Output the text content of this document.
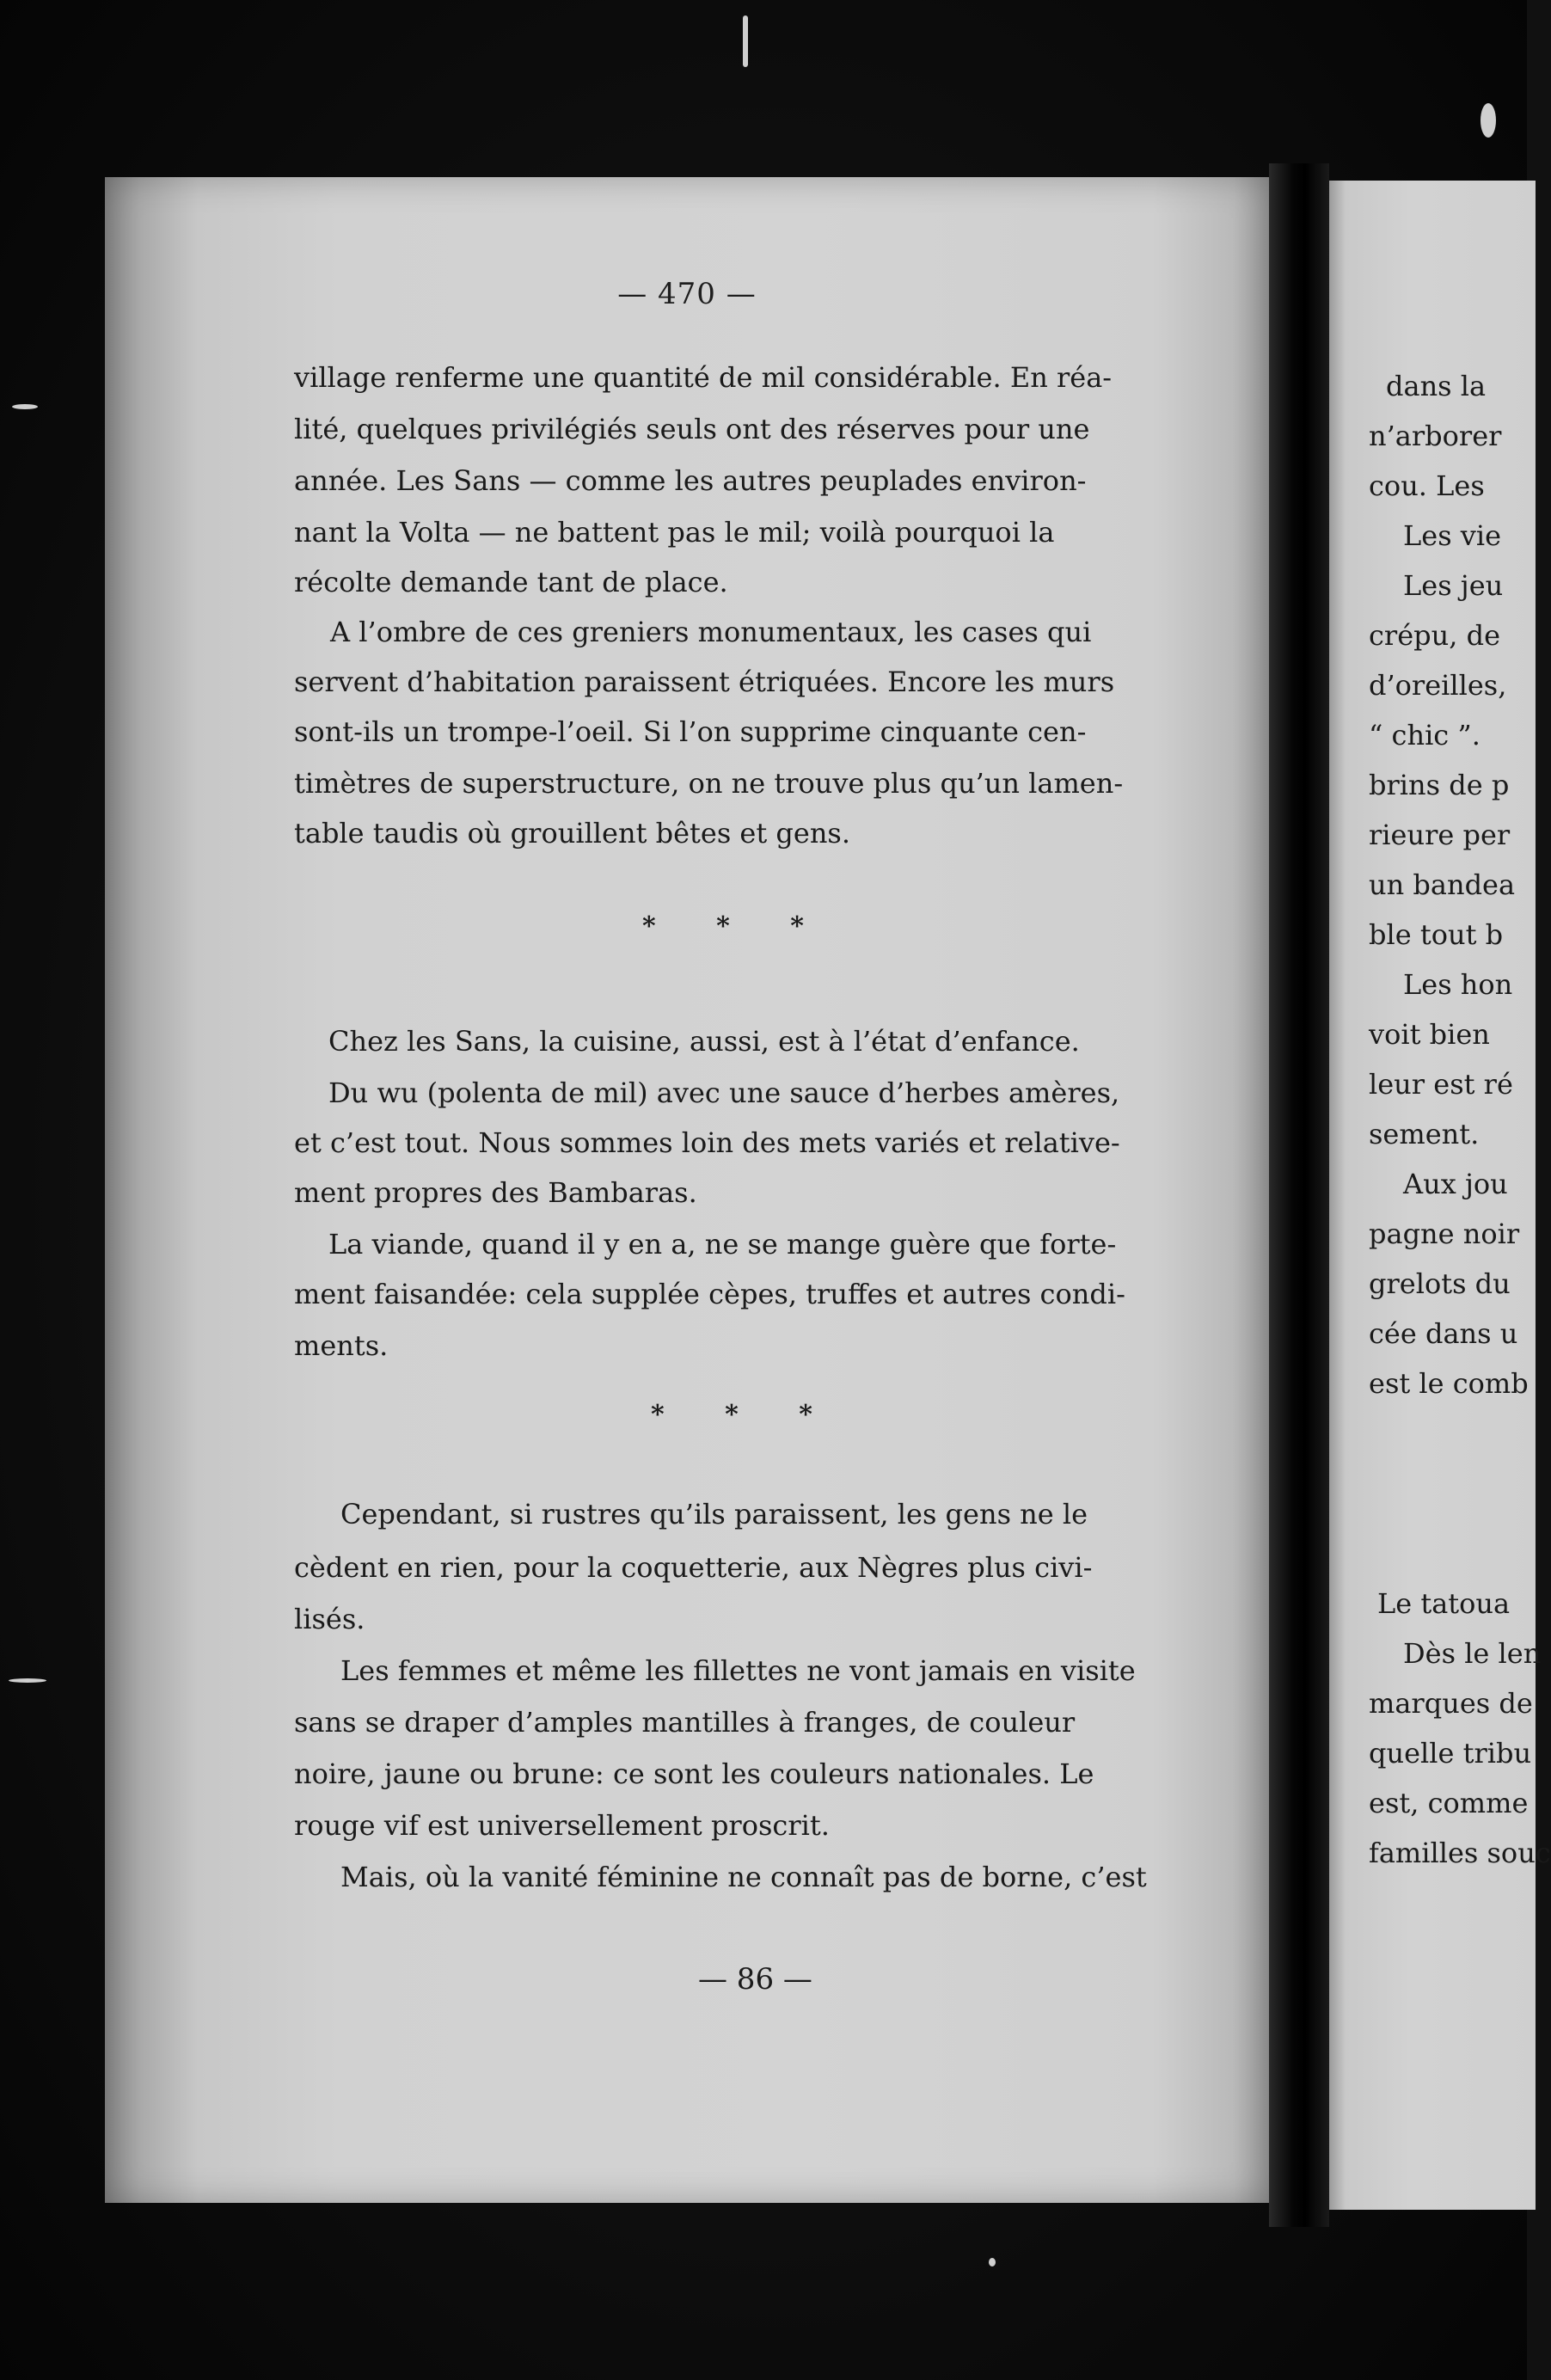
— 470 —
village renferme une quantité de mil considérable. En réa-
lité, quelques privilégiés seuls ont des réserves pour une
année. Les Sans — comme les autres peuplades environ-
nant la Volta — ne battent pas le mil; voilà pourquoi la
récolte demande tant de place.
A l’ombre de ces greniers monumentaux, les cases qui
servent d’habitation paraissent étriquées. Encore les murs
sont-ils un trompe-l’oeil. Si l’on supprime cinquante cen-
timètres de superstructure, on ne trouve plus qu’un lamen-
table taudis où grouillent bêtes et gens.
* * *
Chez les Sans, la cuisine, aussi, est à l’état d’enfance.
Du wu (polenta de mil) avec une sauce d’herbes amères,
et c’est tout. Nous sommes loin des mets variés et relative-
ment propres des Bambaras.
La viande, quand il y en a, ne se mange guère que forte-
ment faisandée: cela supplée cèpes, truffes et autres condi-
ments.
* * *
Cependant, si rustres qu’ils paraissent, les gens ne le
cèdent en rien, pour la coquetterie, aux Nègres plus civi-
lisés.
Les femmes et même les fillettes ne vont jamais en visite
sans se draper d’amples mantilles à franges, de couleur
noire, jaune ou brune: ce sont les couleurs nationales. Le
rouge vif est universellement proscrit.
Mais, où la vanité féminine ne connaît pas de borne, c’est
— 86 —
dans la
n’arborer
cou. Les
Les vie
Les jeu
crépu, de
d’oreilles,
“ chic ”.
brins de p
rieure per
un bandea
ble tout b
Les hon
voit bien
leur est ré
sement.
Aux jou
pagne noir
grelots du
cée dans u
est le comb
Le tatoua
Dès le len
marques de
quelle tribu
est, comme
familles souc
